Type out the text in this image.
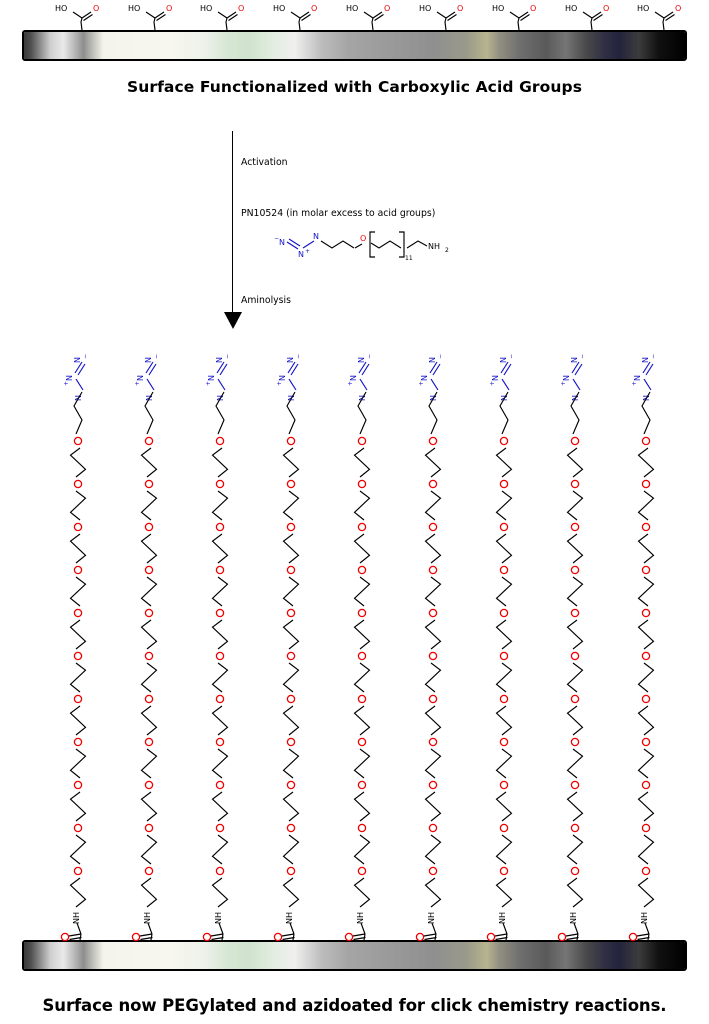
HO	O	HO	O	HO	O	HO	O	HO	O	HO	O	HO	O	HO	O	HO	O
Surface Functionalized with Carboxylic Acid Groups
Activation
PN10524 (in molar excess to acid groups)
Aminolysis
N
−
N +
N	O
11
NH 2
N
−
N
+
N
NH
N
−
N
+
N
NH
N
−
N
+
N
NH
N
−
N
+
N
NH
N
−
N
+
N
NH
N
−
N
+
N
NH
N
−
N
+
N
NH
N
−
N
+
N
NH
N
−
N
+
N
NH
Surface now PEGylated and azidoated for click chemistry reactions.
